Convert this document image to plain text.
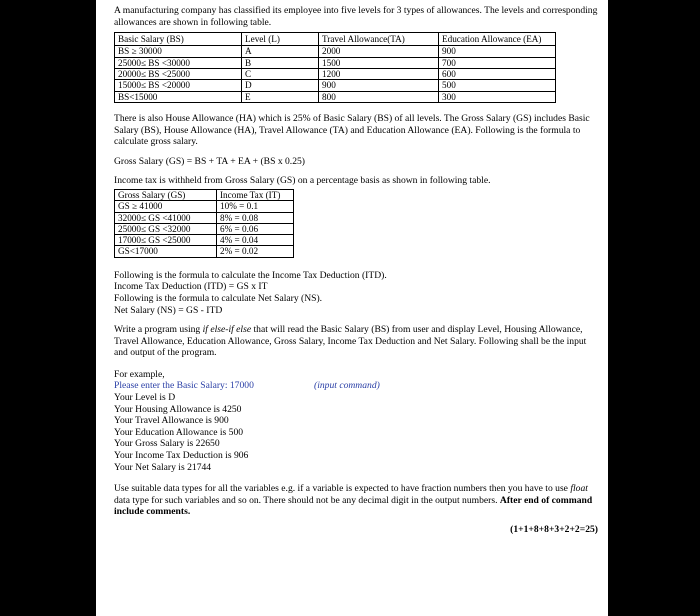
A manufacturing company has classified its employee into five levels for 3 types of allowances. The levels and corresponding allowances are shown in following table.

Basic Salary (BS)	Level (L)	Travel Allowance(TA)	Education Allowance (EA)
BS ≥ 30000	A	2000	900
25000≤ BS <30000	B	1500	700
20000≤ BS <25000	C	1200	600
15000≤ BS <20000	D	900	500
BS<15000	E	800	300

There is also House Allowance (HA) which is 25% of Basic Salary (BS) of all levels. The Gross Salary (GS) includes Basic Salary (BS), House Allowance (HA), Travel Allowance (TA) and Education Allowance (EA). Following is the formula to calculate gross salary.

Gross Salary (GS) = BS + TA + EA + (BS x 0.25)

Income tax is withheld from Gross Salary (GS) on a percentage basis as shown in following table.

Gross Salary (GS)	Income Tax (IT)
GS ≥ 41000	10% = 0.1
32000≤ GS <41000	8% = 0.08
25000≤ GS <32000	6% = 0.06
17000≤ GS <25000	4% = 0.04
GS<17000	2% = 0.02

Following is the formula to calculate the Income Tax Deduction (ITD).

Income Tax Deduction (ITD) = GS x IT

Following is the formula to calculate Net Salary (NS).

Net Salary (NS) = GS - ITD

Write a program using if else-if else that will read the Basic Salary (BS) from user and display Level, Housing Allowance, Travel Allowance, Education Allowance, Gross Salary, Income Tax Deduction and Net Salary. Following shall be the input and output of the program.

For example,

Please enter the Basic Salary: 17000	(input command)

Your Level is D

Your Housing Allowance is 4250

Your Travel Allowance is 900

Your Education Allowance is 500

Your Gross Salary is 22650

Your Income Tax Deduction is 906

Your Net Salary is 21744

Use suitable data types for all the variables e.g. if a variable is expected to have fraction numbers then you have to use float data type for such variables and so on. There should not be any decimal digit in the output numbers. After end of command include comments.

(1+1+8+8+3+2+2=25)
